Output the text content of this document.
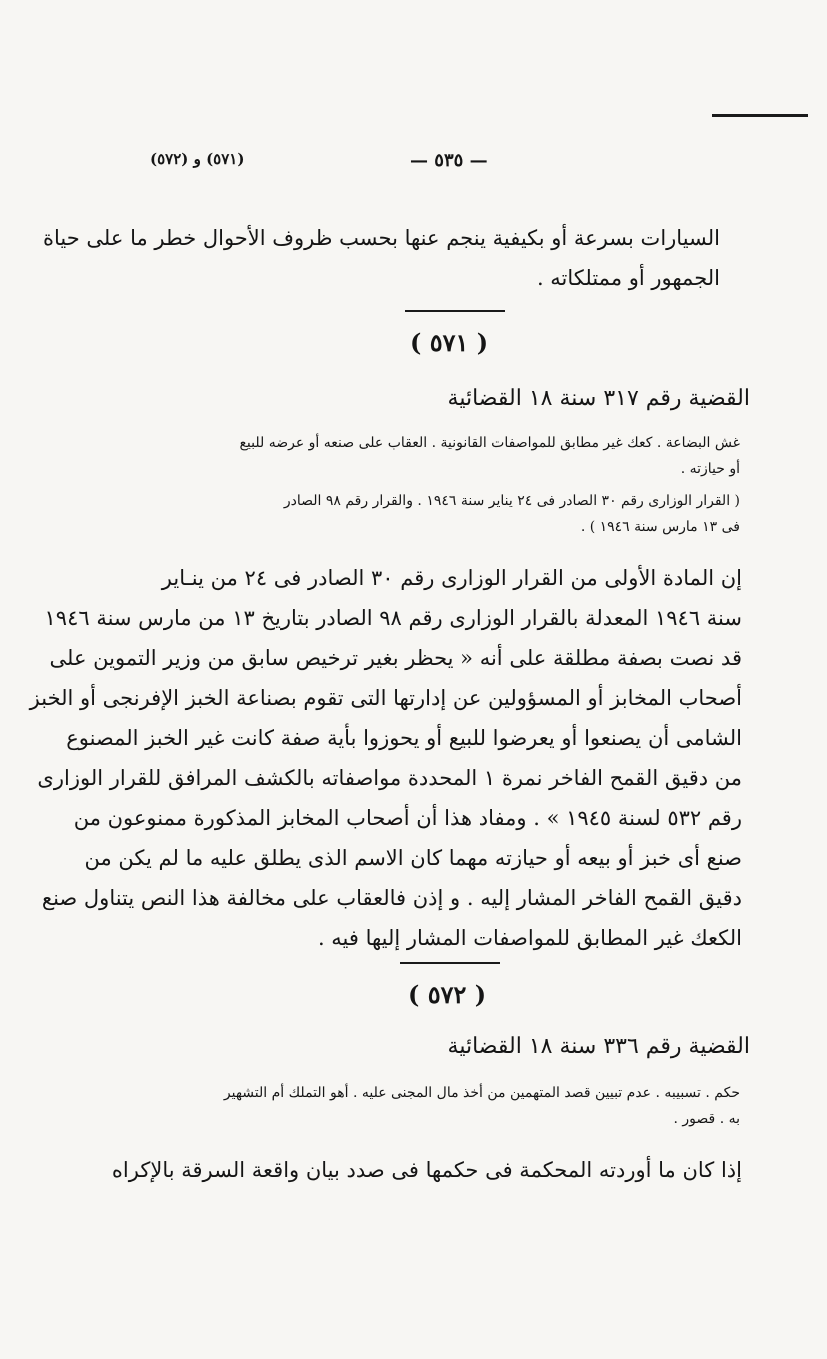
(٥٧١) و (٥٧٢)	— ٥٣٥ —
السيارات بسرعة أو بكيفية ينجم عنها بحسب ظروف الأحوال خطر ما على حياة
الجمهور أو ممتلكاته .
( ٥٧١ )
القضية رقم ٣١٧ سنة ١٨ القضائية
غش البضاعة . كعك غير مطابق للمواصفات القانونية . العقاب على صنعه أو عرضه للبيع
أو حيازته .
( القرار الوزارى رقم ٣٠ الصادر فى ٢٤ يناير سنة ١٩٤٦ . والقرار رقم ٩٨ الصادر
فى ١٣ مارس سنة ١٩٤٦ ) .
إن المادة الأولى من القرار الوزارى رقم ٣٠ الصادر فى ٢٤ من ينـاير
سنة ١٩٤٦ المعدلة بالقرار الوزارى رقم ٩٨ الصادر بتاريخ ١٣ من مارس سنة ١٩٤٦
قد نصت بصفة مطلقة على أنه « يحظر بغير ترخيص سابق من وزير التموين على
أصحاب المخابز أو المسؤولين عن إدارتها التى تقوم بصناعة الخبز الإفرنجى أو الخبز
الشامى أن يصنعوا أو يعرضوا للبيع أو يحوزوا بأية صفة كانت غير الخبز المصنوع
من دقيق القمح الفاخر نمرة ١ المحددة مواصفاته بالكشف المرافق للقرار الوزارى
رقم ٥٣٢ لسنة ١٩٤٥ » . ومفاد هذا أن أصحاب المخابز المذكورة ممنوعون من
صنع أى خبز أو بيعه أو حيازته مهما كان الاسم الذى يطلق عليه ما لم يكن من
دقيق القمح الفاخر المشار إليه . و إذن فالعقاب على مخالفة هذا النص يتناول صنع
الكعك غير المطابق للمواصفات المشار إليها فيه .
( ٥٧٢ )
القضية رقم ٣٣٦ سنة ١٨ القضائية
حكم . تسبيبه . عدم تبيين قصد المتهمين من أخذ مال المجنى عليه . أهو التملك أم التشهير
به . قصور .
إذا كان ما أوردته المحكمة فى حكمها فى صدد بيان واقعة السرقة بالإكراه
